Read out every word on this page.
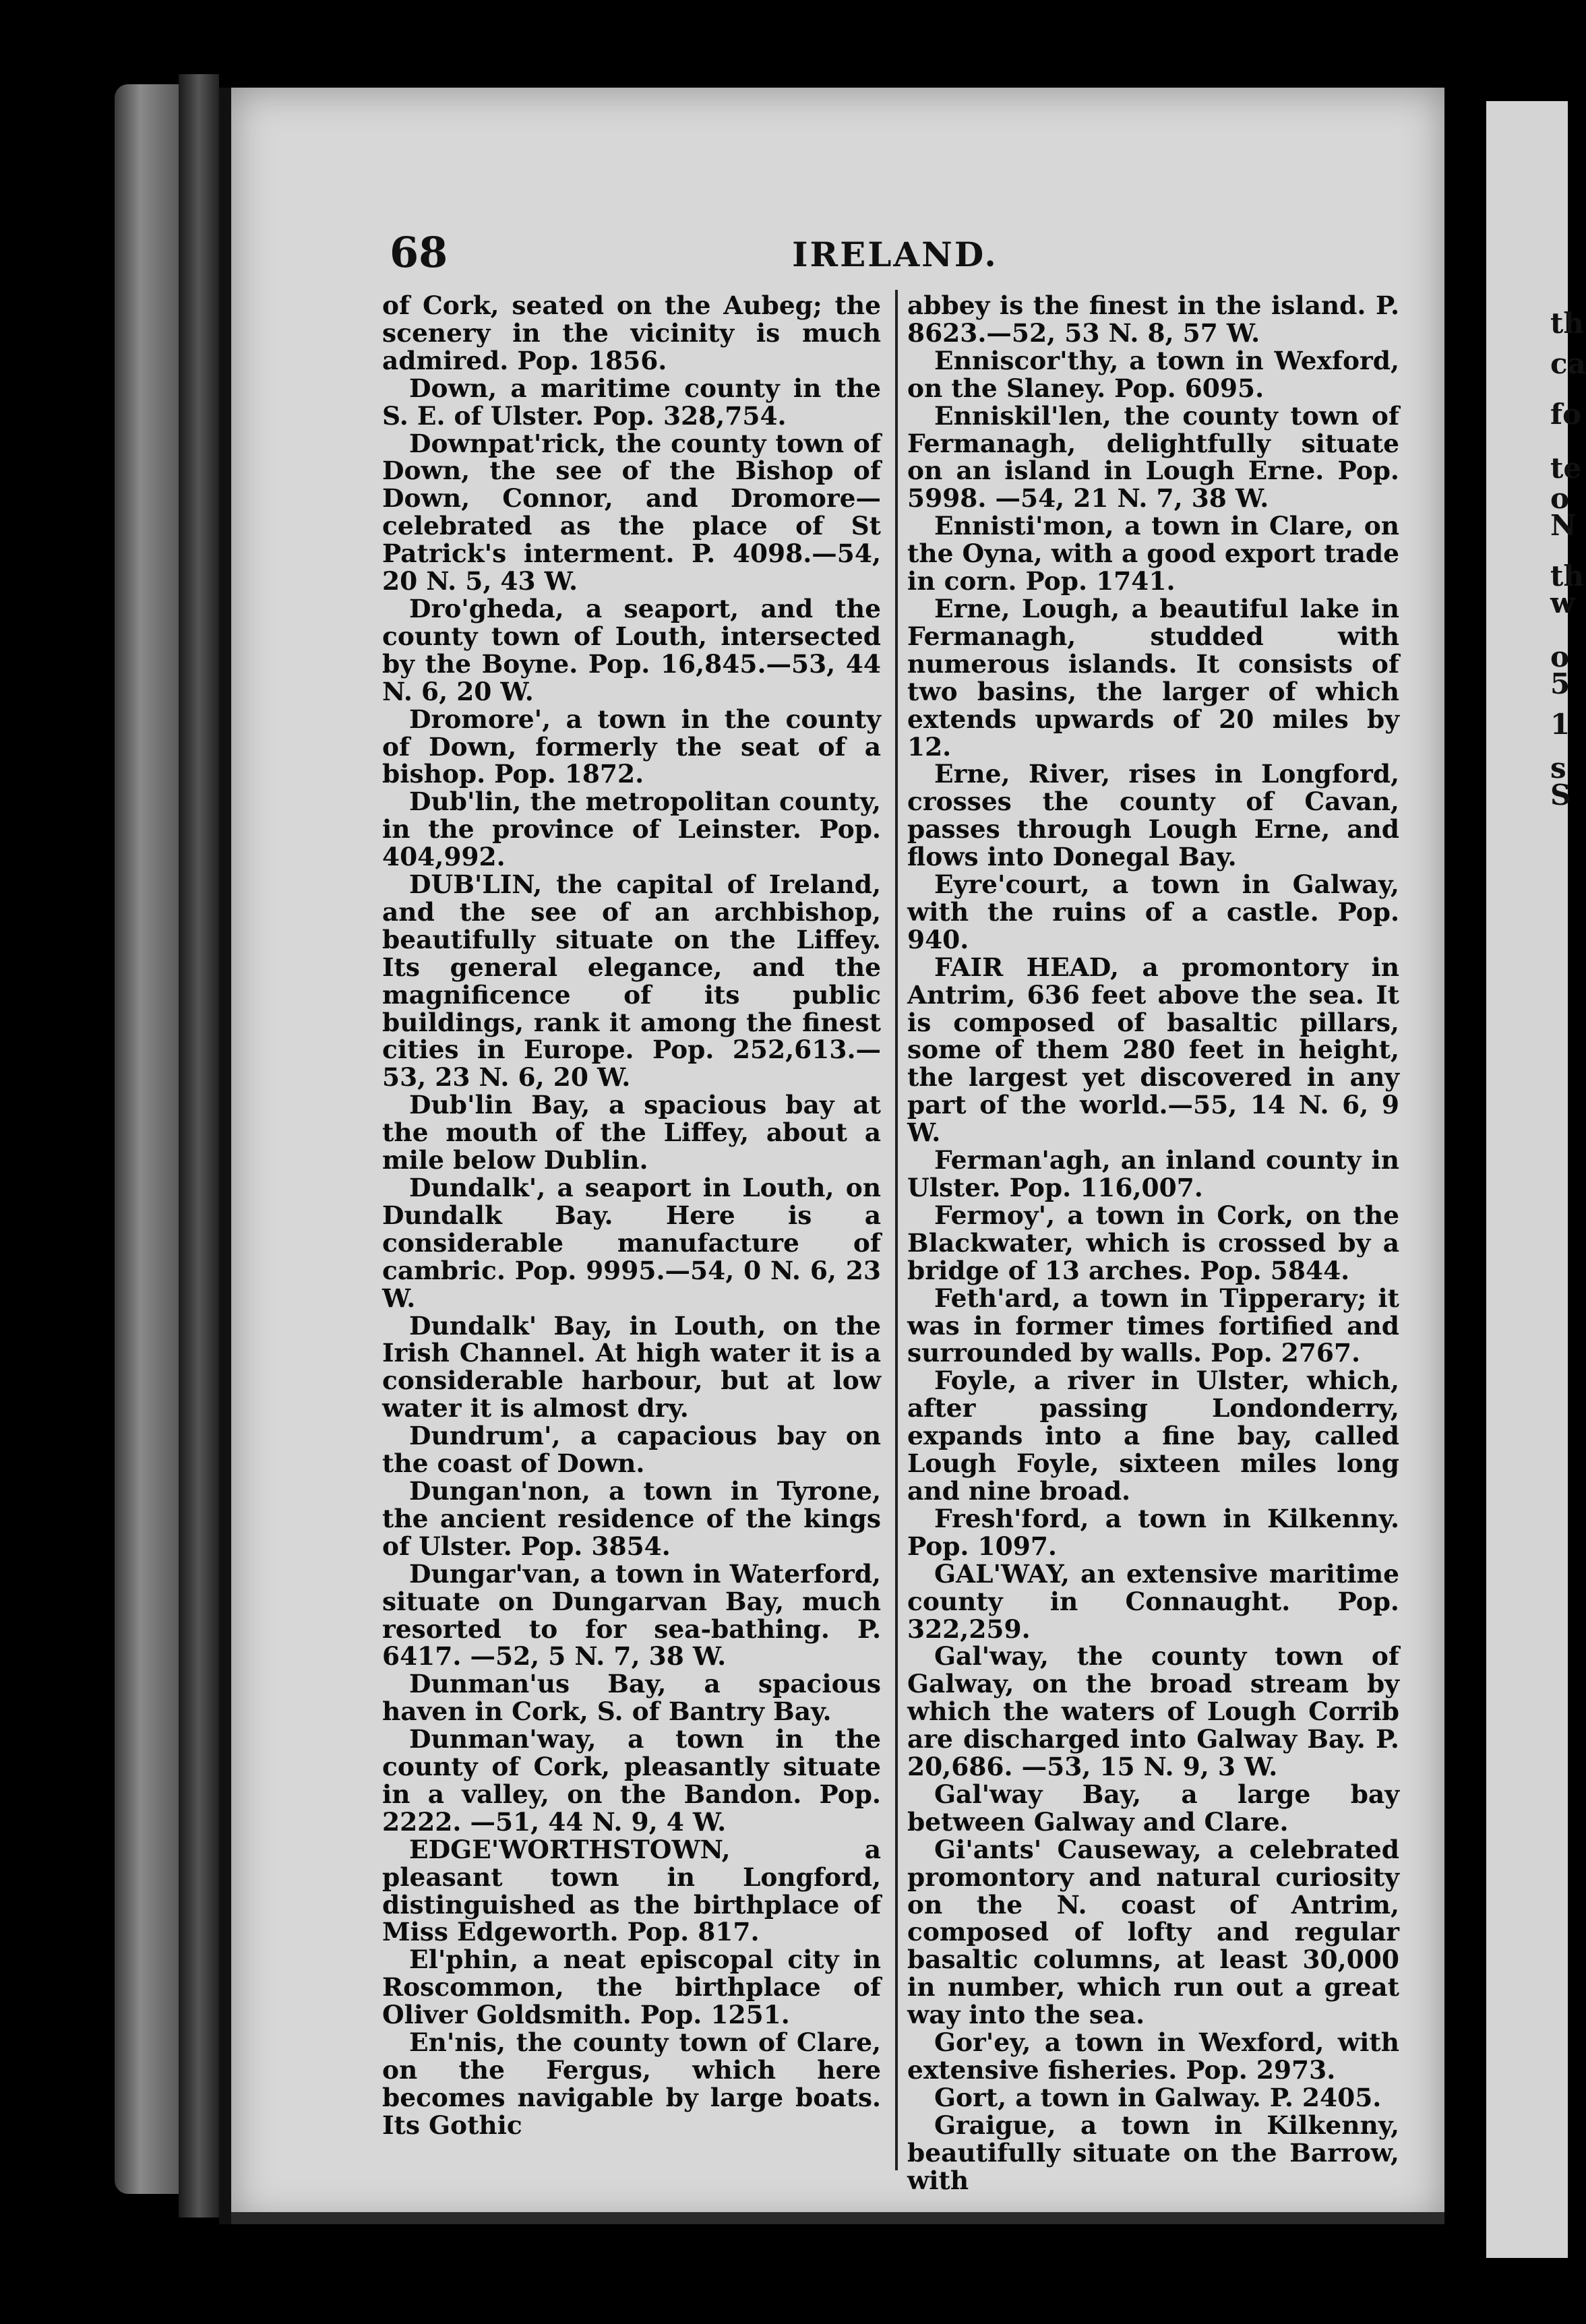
th
ca
fo
te
o
N
th
w
o
5
1
s
S
68	IRELAND.

of Cork, seated on the Aubeg; the scenery in the vicinity is much admired. Pop. 1856.

Down, a maritime county in the S. E. of Ulster. Pop. 328,754.

Downpat'rick, the county town of Down, the see of the Bishop of Down, Connor, and Dromore—celebrated as the place of St Patrick's interment. P. 4098.—54, 20 N. 5, 43 W.

Dro'gheda, a seaport, and the county town of Louth, intersected by the Boyne. Pop. 16,845.—53, 44 N. 6, 20 W.

Dromore', a town in the county of Down, formerly the seat of a bishop. Pop. 1872.

Dub'lin, the metropolitan county, in the province of Leinster. Pop. 404,992.

DUB'LIN, the capital of Ireland, and the see of an archbishop, beautifully situate on the Liffey. Its general elegance, and the magnificence of its public buildings, rank it among the finest cities in Europe. Pop. 252,613.—53, 23 N. 6, 20 W.

Dub'lin Bay, a spacious bay at the mouth of the Liffey, about a mile below Dublin.

Dundalk', a seaport in Louth, on Dundalk Bay. Here is a considerable manufacture of cambric. Pop. 9995.—54, 0 N. 6, 23 W.

Dundalk' Bay, in Louth, on the Irish Channel. At high water it is a considerable harbour, but at low water it is almost dry.

Dundrum', a capacious bay on the coast of Down.

Dungan'non, a town in Tyrone, the ancient residence of the kings of Ulster. Pop. 3854.

Dungar'van, a town in Waterford, situate on Dungarvan Bay, much resorted to for sea-bathing. P. 6417. —52, 5 N. 7, 38 W.

Dunman'us Bay, a spacious haven in Cork, S. of Bantry Bay.

Dunman'way, a town in the county of Cork, pleasantly situate in a valley, on the Bandon. Pop. 2222. —51, 44 N. 9, 4 W.

EDGE'WORTHSTOWN, a pleasant town in Longford, distinguished as the birthplace of Miss Edgeworth. Pop. 817.

El'phin, a neat episcopal city in Roscommon, the birthplace of Oliver Goldsmith. Pop. 1251.

En'nis, the county town of Clare, on the Fergus, which here becomes navigable by large boats. Its Gothic

abbey is the finest in the island. P. 8623.—52, 53 N. 8, 57 W.

Enniscor'thy, a town in Wexford, on the Slaney. Pop. 6095.

Enniskil'len, the county town of Fermanagh, delightfully situate on an island in Lough Erne. Pop. 5998. —54, 21 N. 7, 38 W.

Ennisti'mon, a town in Clare, on the Oyna, with a good export trade in corn. Pop. 1741.

Erne, Lough, a beautiful lake in Fermanagh, studded with numerous islands. It consists of two basins, the larger of which extends upwards of 20 miles by 12.

Erne, River, rises in Longford, crosses the county of Cavan, passes through Lough Erne, and flows into Donegal Bay.

Eyre'court, a town in Galway, with the ruins of a castle. Pop. 940.

FAIR HEAD, a promontory in Antrim, 636 feet above the sea. It is composed of basaltic pillars, some of them 280 feet in height, the largest yet discovered in any part of the world.—55, 14 N. 6, 9 W.

Ferman'agh, an inland county in Ulster. Pop. 116,007.

Fermoy', a town in Cork, on the Blackwater, which is crossed by a bridge of 13 arches. Pop. 5844.

Feth'ard, a town in Tipperary; it was in former times fortified and surrounded by walls. Pop. 2767.

Foyle, a river in Ulster, which, after passing Londonderry, expands into a fine bay, called Lough Foyle, sixteen miles long and nine broad.

Fresh'ford, a town in Kilkenny. Pop. 1097.

GAL'WAY, an extensive maritime county in Connaught. Pop. 322,259.

Gal'way, the county town of Galway, on the broad stream by which the waters of Lough Corrib are discharged into Galway Bay. P. 20,686. —53, 15 N. 9, 3 W.

Gal'way Bay, a large bay between Galway and Clare.

Gi'ants' Causeway, a celebrated promontory and natural curiosity on the N. coast of Antrim, composed of lofty and regular basaltic columns, at least 30,000 in number, which run out a great way into the sea.

Gor'ey, a town in Wexford, with extensive fisheries. Pop. 2973.

Gort, a town in Galway. P. 2405.

Graigue, a town in Kilkenny, beautifully situate on the Barrow, with
